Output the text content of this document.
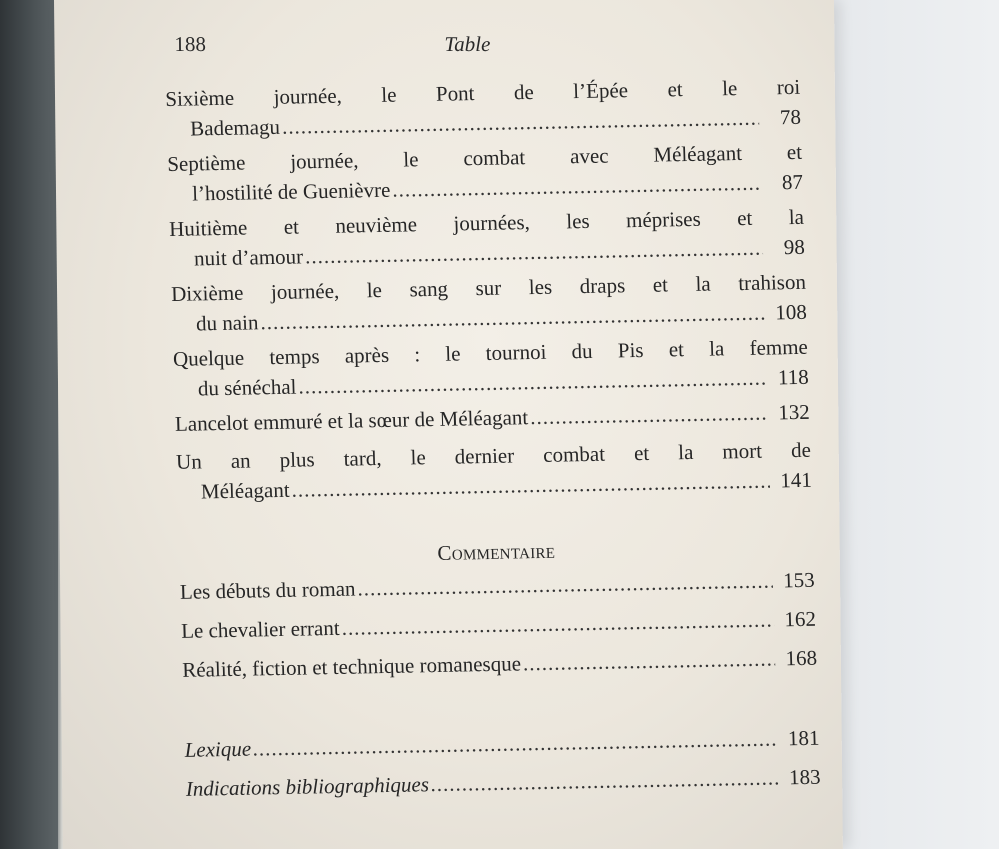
188	Table
Sixième journée, le Pont de l’Épée et le roi
Bademagu .....	78
Septième journée, le combat avec Méléagant et
l’hostilité de Guenièvre .....	87
Huitième et neuvième journées, les méprises et la
nuit d’amour .....	98
Dixième journée, le sang sur les draps et la trahison
du nain .....	108
Quelque temps après : le tournoi du Pis et la femme
du sénéchal .....	118
Lancelot emmuré et la sœur de Méléagant .....	132
Un an plus tard, le dernier combat et la mort de
Méléagant .....	141
Commentaire
Les débuts du roman .....	153
Le chevalier errant .....	162
Réalité, fiction et technique romanesque .....	168
Lexique .....	181
Indications bibliographiques .....	183
